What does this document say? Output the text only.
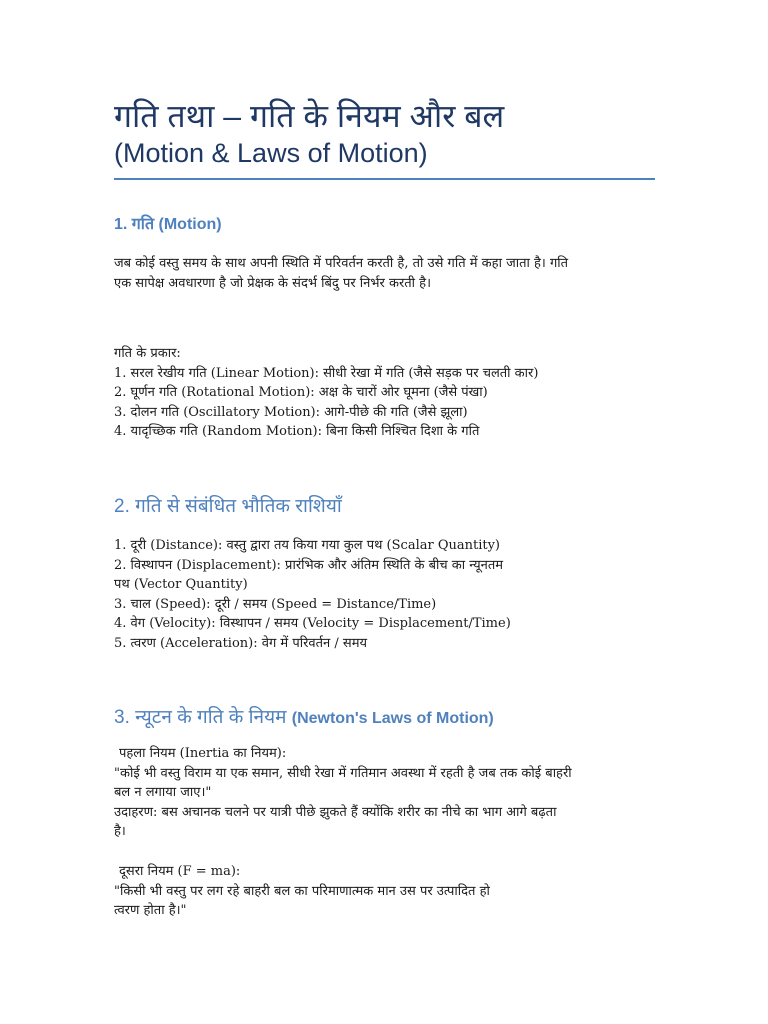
गति तथा – गति के नियम और बल
(Motion & Laws of Motion)
1. गति (Motion)
जब कोई वस्तु समय के साथ अपनी स्थिति में परिवर्तन करती है, तो उसे गति में कहा जाता है। गति
एक सापेक्ष अवधारणा है जो प्रेक्षक के संदर्भ बिंदु पर निर्भर करती है।
गति के प्रकार:
1. सरल रेखीय गति (Linear Motion): सीधी रेखा में गति (जैसे सड़क पर चलती कार)
2. घूर्णन गति (Rotational Motion): अक्ष के चारों ओर घूमना (जैसे पंखा)
3. दोलन गति (Oscillatory Motion): आगे-पीछे की गति (जैसे झूला)
4. यादृच्छिक गति (Random Motion): बिना किसी निश्चित दिशा के गति
2. गति से संबंधित भौतिक राशियाँ
1. दूरी (Distance): वस्तु द्वारा तय किया गया कुल पथ (Scalar Quantity)
2. विस्थापन (Displacement): प्रारंभिक और अंतिम स्थिति के बीच का न्यूनतम
पथ (Vector Quantity)
3. चाल (Speed): दूरी / समय (Speed = Distance/Time)
4. वेग (Velocity): विस्थापन / समय (Velocity = Displacement/Time)
5. त्वरण (Acceleration): वेग में परिवर्तन / समय
3. न्यूटन के गति के नियम (Newton's Laws of Motion)
पहला नियम (Inertia का नियम):
"कोई भी वस्तु विराम या एक समान, सीधी रेखा में गतिमान अवस्था में रहती है जब तक कोई बाहरी
बल न लगाया जाए।"
उदाहरण: बस अचानक चलने पर यात्री पीछे झुकते हैं क्योंकि शरीर का नीचे का भाग आगे बढ़ता
है।
दूसरा नियम (F = ma):
"किसी भी वस्तु पर लग रहे बाहरी बल का परिमाणात्मक मान उस पर उत्पादित हो
त्वरण होता है।"
